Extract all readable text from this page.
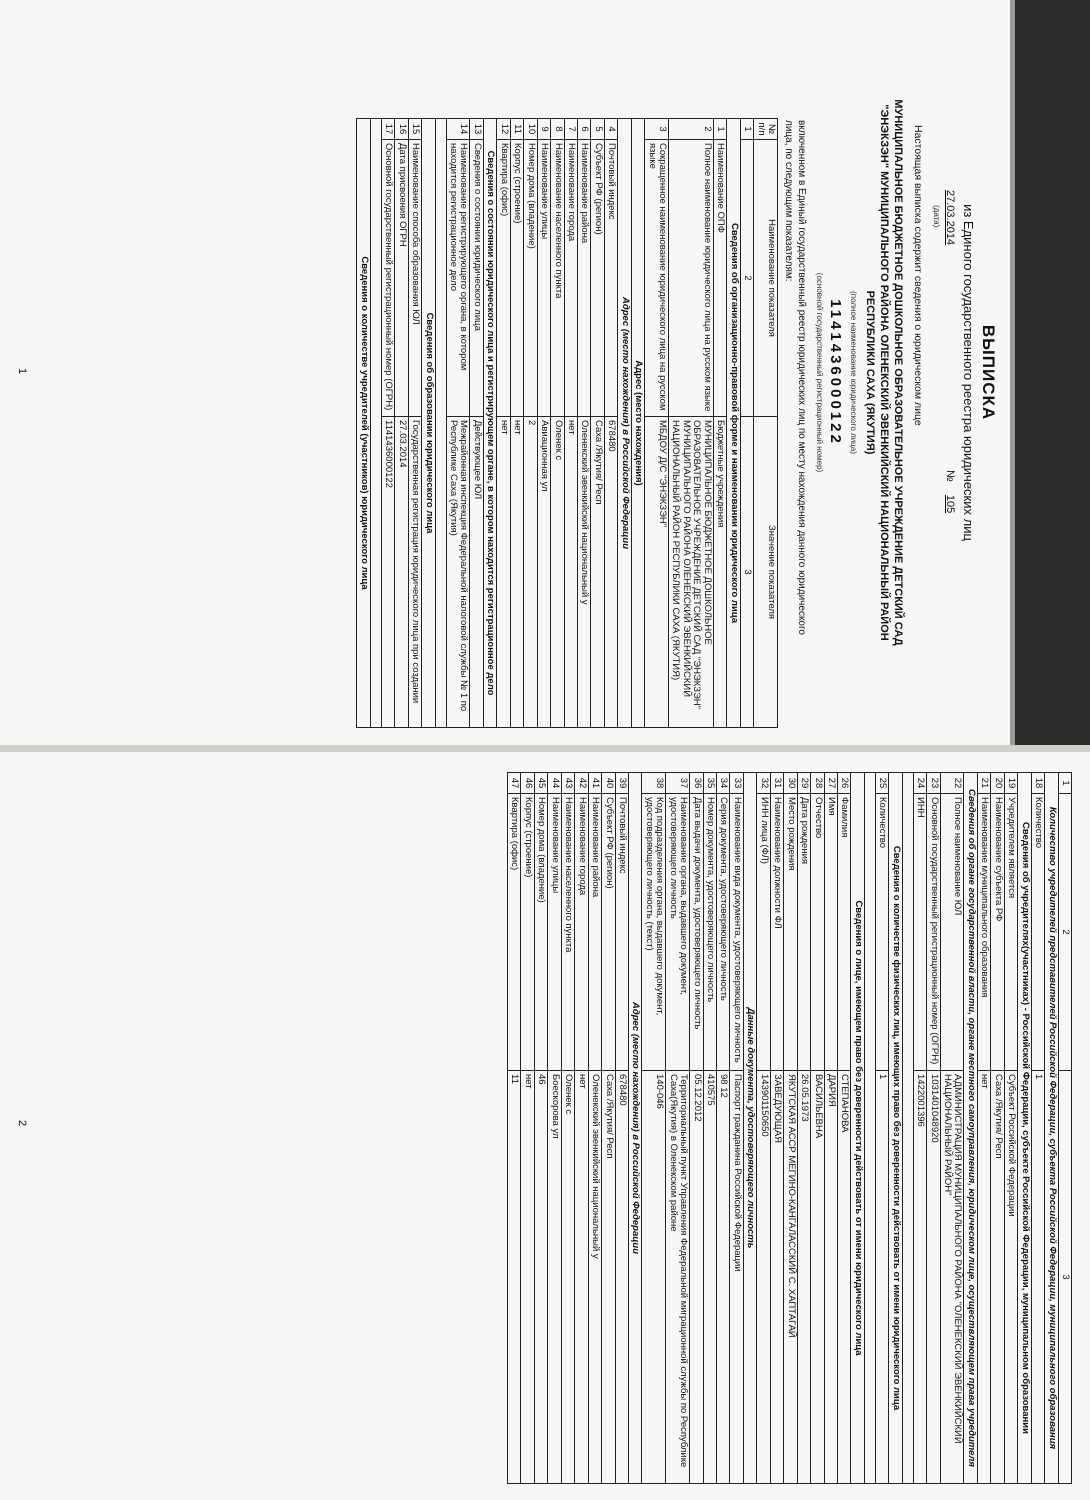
ВЫПИСКА
из Единого государственного реестра юридических лиц
27.03.2014
(дата)
№ 105
Настоящая выписка содержит сведения о юридическом лице
МУНИЦИПАЛЬНОЕ БЮДЖЕТНОЕ ДОШКОЛЬНОЕ ОБРАЗОВАТЕЛЬНОЕ УЧРЕЖДЕНИЕ ДЕТСКИЙ САД
"ЭНЭКЗЭН" МУНИЦИПАЛЬНОГО РАЙОНА ОЛЕНЕКСКИЙ ЭВЕНКИЙСКИЙ НАЦИОНАЛЬНЫЙ РАЙОН
РЕСПУБЛИКИ САХА (ЯКУТИЯ)
(полное наименование юридического лица)
1141436000122
(основной государственный регистрационный номер)
включенном в Единый государственный реестр юридических лиц по месту нахождения данного юридического лица, по следующим показателям:
№ п/п	Наименование показателя	Значение показателя
1	2	3
Сведения об организационно-правовой форме и наименовании юридического лица		
1	Наименование ОПФ	Бюджетные учреждения
2	Полное наименование юридического лица на русском языке	МУНИЦИПАЛЬНОЕ БЮДЖЕТНОЕ ДОШКОЛЬНОЕ ОБРАЗОВАТЕЛЬНОЕ УЧРЕЖДЕНИЕ ДЕТСКИЙ САД "ЭНЭКЗЭН" МУНИЦИПАЛЬНОГО РАЙОНА ОЛЕНЕКСКИЙ ЭВЕНКИЙСКИЙ НАЦИОНАЛЬНЫЙ РАЙОН РЕСПУБЛИКИ САХА (ЯКУТИЯ)
3	Сокращенное наименование юридического лица на русском языке	МБДОУ Д/С "ЭНЭКЗЭН"
Адрес (место нахождения)		
Адрес (место нахождения) в Российской Федерации		
4	Почтовый индекс	678480
5	Субъект РФ (регион)	Саха /Якутия/ Респ
6	Наименование района	Оленекский эвенкийский национальный у
7	Наименование города	нет
8	Наименование населенного пункта	Оленек с
9	Наименование улицы	Авиационная ул
10	Номер дома (владение)	2
11	Корпус (строение)	нет
12	Квартира (офис)	нет
Сведения о состоянии юридического лица и регистрирующем органе, в котором находится регистрационное дело		
13	Сведения о состоянии юридического лица	Действующее ЮЛ
14	Наименование регистрирующего органа, в котором находится регистрационное дело	Межрайонная инспекция Федеральной налоговой службы № 1 по Республике Саха (Якутия)

Сведения об образовании юридического лица		
15	Наименование способа образования ЮЛ	Государственная регистрация юридического лица при создании
16	Дата присвоения ОГРН	27.03.2014
17	Основной государственный регистрационный номер (ОГРН)	1141436000122

Сведения о количестве учредителей (участников) юридического лица		
1
1	2	3
Количество учредителей представителей Российской Федерации, субъекта Российской Федерации, муниципального образования		
18	Количество	1
Сведения об учредителях(участниках) - Российской Федерации, субъекте Российской Федерации, муниципальном образовании		
19	Учредителем является	Субъект Российской Федерации
20	Наименование субъекта РФ	Саха /Якутия/ Респ
21	Наименование муниципального образования	нет
Сведения об органе государственной власти, органе местного самоуправления, юридическом лице, осуществляющем права учредителя		
22	Полное наименование ЮЛ	АДМИНИСТРАЦИЯ МУНИЦИПАЛЬНОГО РАЙОНА "ОЛЕНЕКСКИЙ ЭВЕНКИЙСКИЙ НАЦИОНАЛЬНЫЙ РАЙОН"
23	Основной государственный регистрационный номер (ОГРН)	1031401048920
24	ИНН	1422001396

Сведения о количестве физических лиц, имеющих право без доверенности действовать от имени юридического лица		
25	Количество	1

Сведения о лице, имеющем право без доверенности действовать от имени юридического лица		
26	Фамилия	СТЕПАНОВА
27	Имя	ДАРИЯ
28	Отчество	ВАСИЛЬЕВНА
29	Дата рождения	26.05.1973
30	Место рождения	ЯКУТСКАЯ АССР МЕГИНО-КАНГАЛАССКИЙ С. ХАПТАГАЙ
31	Наименование должности ФЛ	ЗАВЕДУЮЩАЯ
32	ИНН лица (ФЛ)	143901150650
Данные документа, удостоверяющего личность		
33	Наименование вида документа, удостоверяющего личность	Паспорт гражданина Российской Федерации
34	Серия документа, удостоверяющего личность	98 12
35	Номер документа, удостоверяющего личность	410575
36	Дата выдачи документа, удостоверяющего личность	05.12.2012
37	Наименование органа, выдавшего документ, удостоверяющего личность	Территориальный пункт Управления Федеральной миграционной службы по Республике Саха(Якутия) в Оленекском районе
38	Код подразделения органа, выдавшего документ, удостоверяющего личность (текст)	140-046
Адрес (место нахождения) в Российской Федерации		
39	Почтовый индекс	678480
40	Субъект РФ (регион)	Саха /Якутия/ Респ
41	Наименование района	Оленекский эвенкийский национальный у
42	Наименование города	нет
43	Наименование населенного пункта	Оленек с
44	Наименование улицы	Боескорова ул
45	Номер дома (владение)	46
46	Корпус (строение)	нет
47	Квартира (офис)	11
2
